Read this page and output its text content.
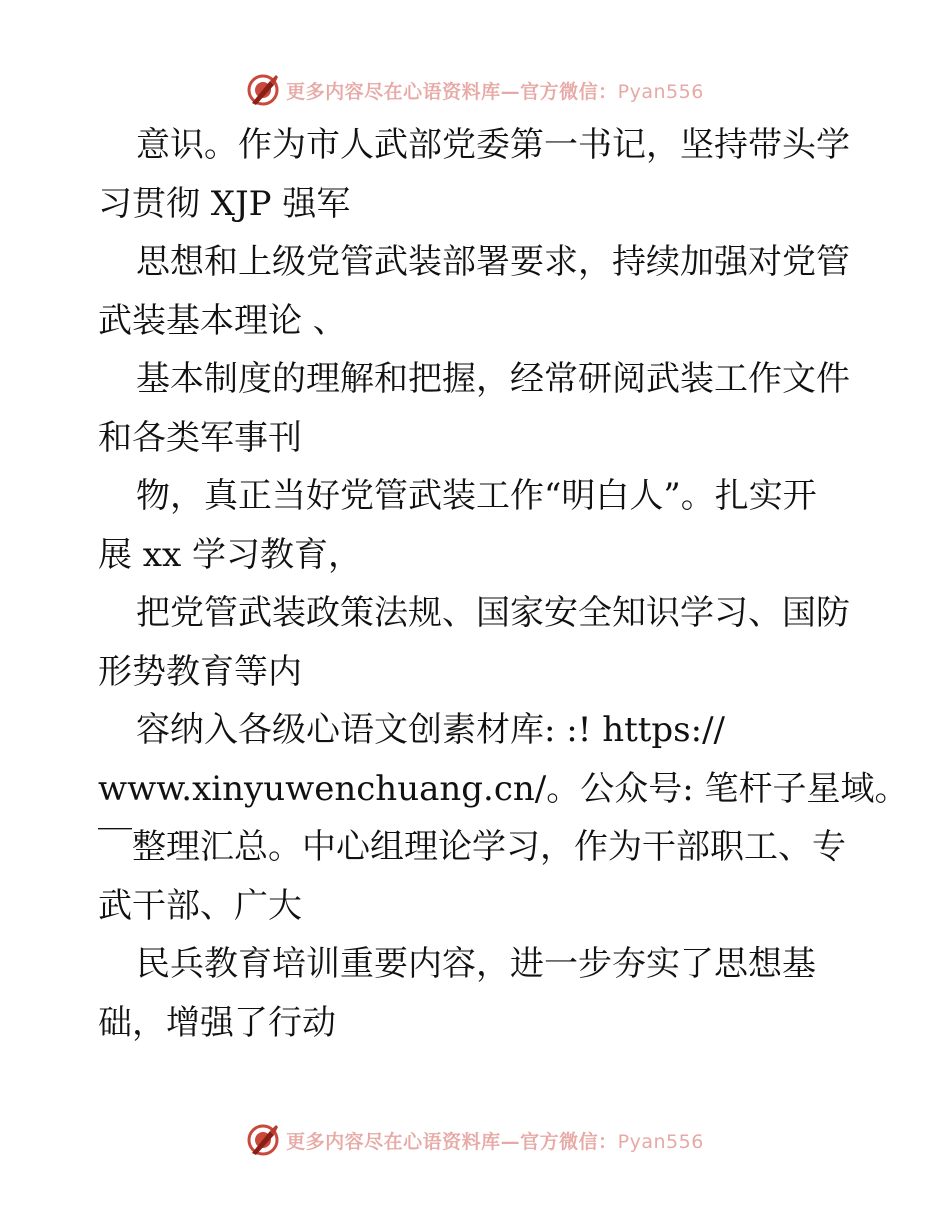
更多内容尽在心语资料库—官方微信：Pyan556
意识。作为市人武部党委第一书记，坚持带头学
习贯彻 XJP 强军
思想和上级党管武装部署要求，持续加强对党管
武装基本理论 、
基本制度的理解和把握，经常研阅武装工作文件
和各类军事刊
物，真正当好党管武装工作“明白人”。扎实开
展 xx 学习教育，
把党管武装政策法规、国家安全知识学习、国防
形势教育等内
容纳入各级心语文创素材库: :! https://
www.xinyuwenchuang.cn/。公众号: 笔杆子星域。
￣整理汇总。中心组理论学习，作为干部职工、专
武干部、广大
民兵教育培训重要内容，进一步夯实了思想基
础，增强了行动
更多内容尽在心语资料库—官方微信：Pyan556
